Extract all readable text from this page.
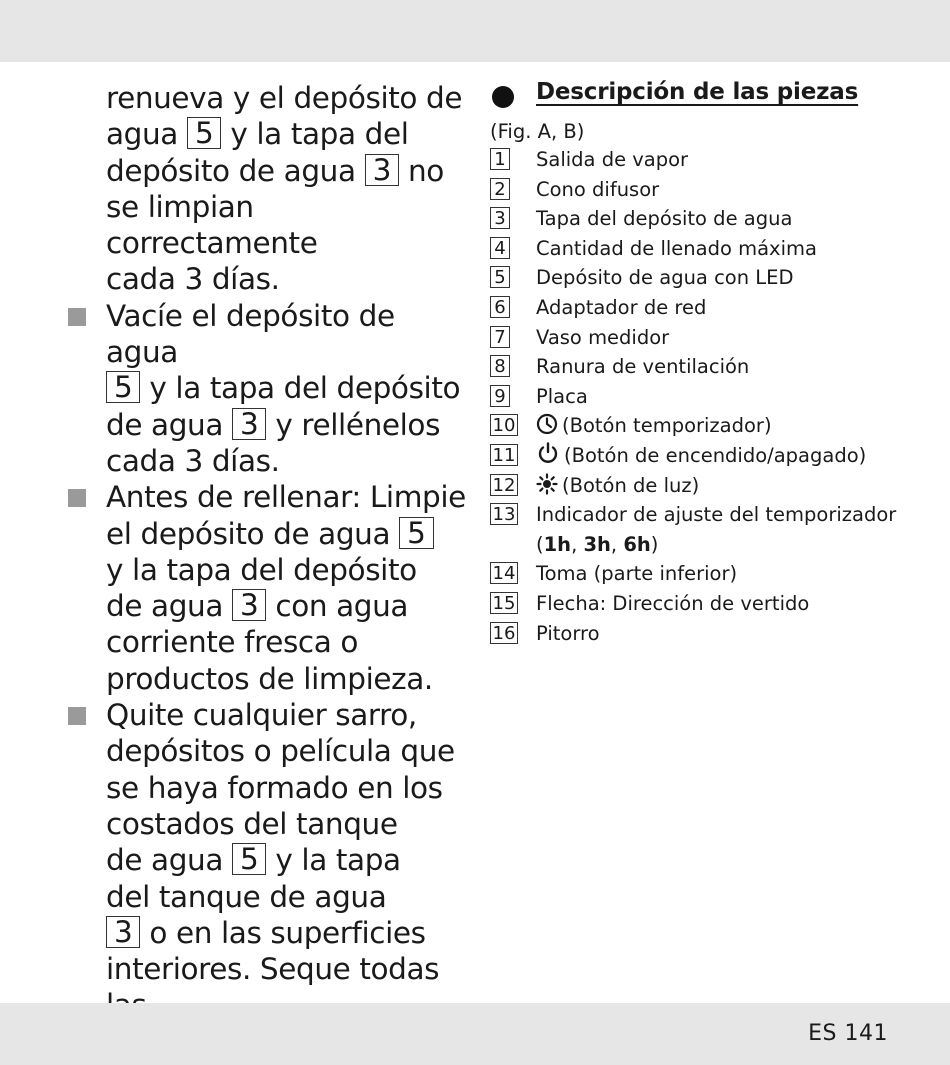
renueva y el depósito de

agua 5 y la tapa del

depósito de agua 3 no

se limpian correctamente

cada 3 días.

Vacíe el depósito de agua

5 y la tapa del depósito

de agua 3 y rellénelos

cada 3 días.

Antes de rellenar: Limpie

el depósito de agua 5

y la tapa del depósito

de agua 3 con agua

corriente fresca o

productos de limpieza.

Quite cualquier sarro,

depósitos o película que

se haya formado en los

costados del tanque

de agua 5 y la tapa

del tanque de agua

3 o en las superficies

interiores. Seque todas

Descripción de las piezas
(Fig. A, B)
1 Salida de vapor
2 Cono difusor
3 Tapa del depósito de agua
4 Cantidad de llenado máxima
5 Depósito de agua con LED
6 Adaptador de red
7 Vaso medidor
8 Ranura de ventilación
9 Placa
10 (Botón temporizador)
11 (Botón de encendido/apagado)
12 (Botón de luz)
13 Indicador de ajuste del temporizador
(1h, 3h, 6h)
14 Toma (parte inferior)
15 Flecha: Dirección de vertido
16 Pitorro
ES 141
